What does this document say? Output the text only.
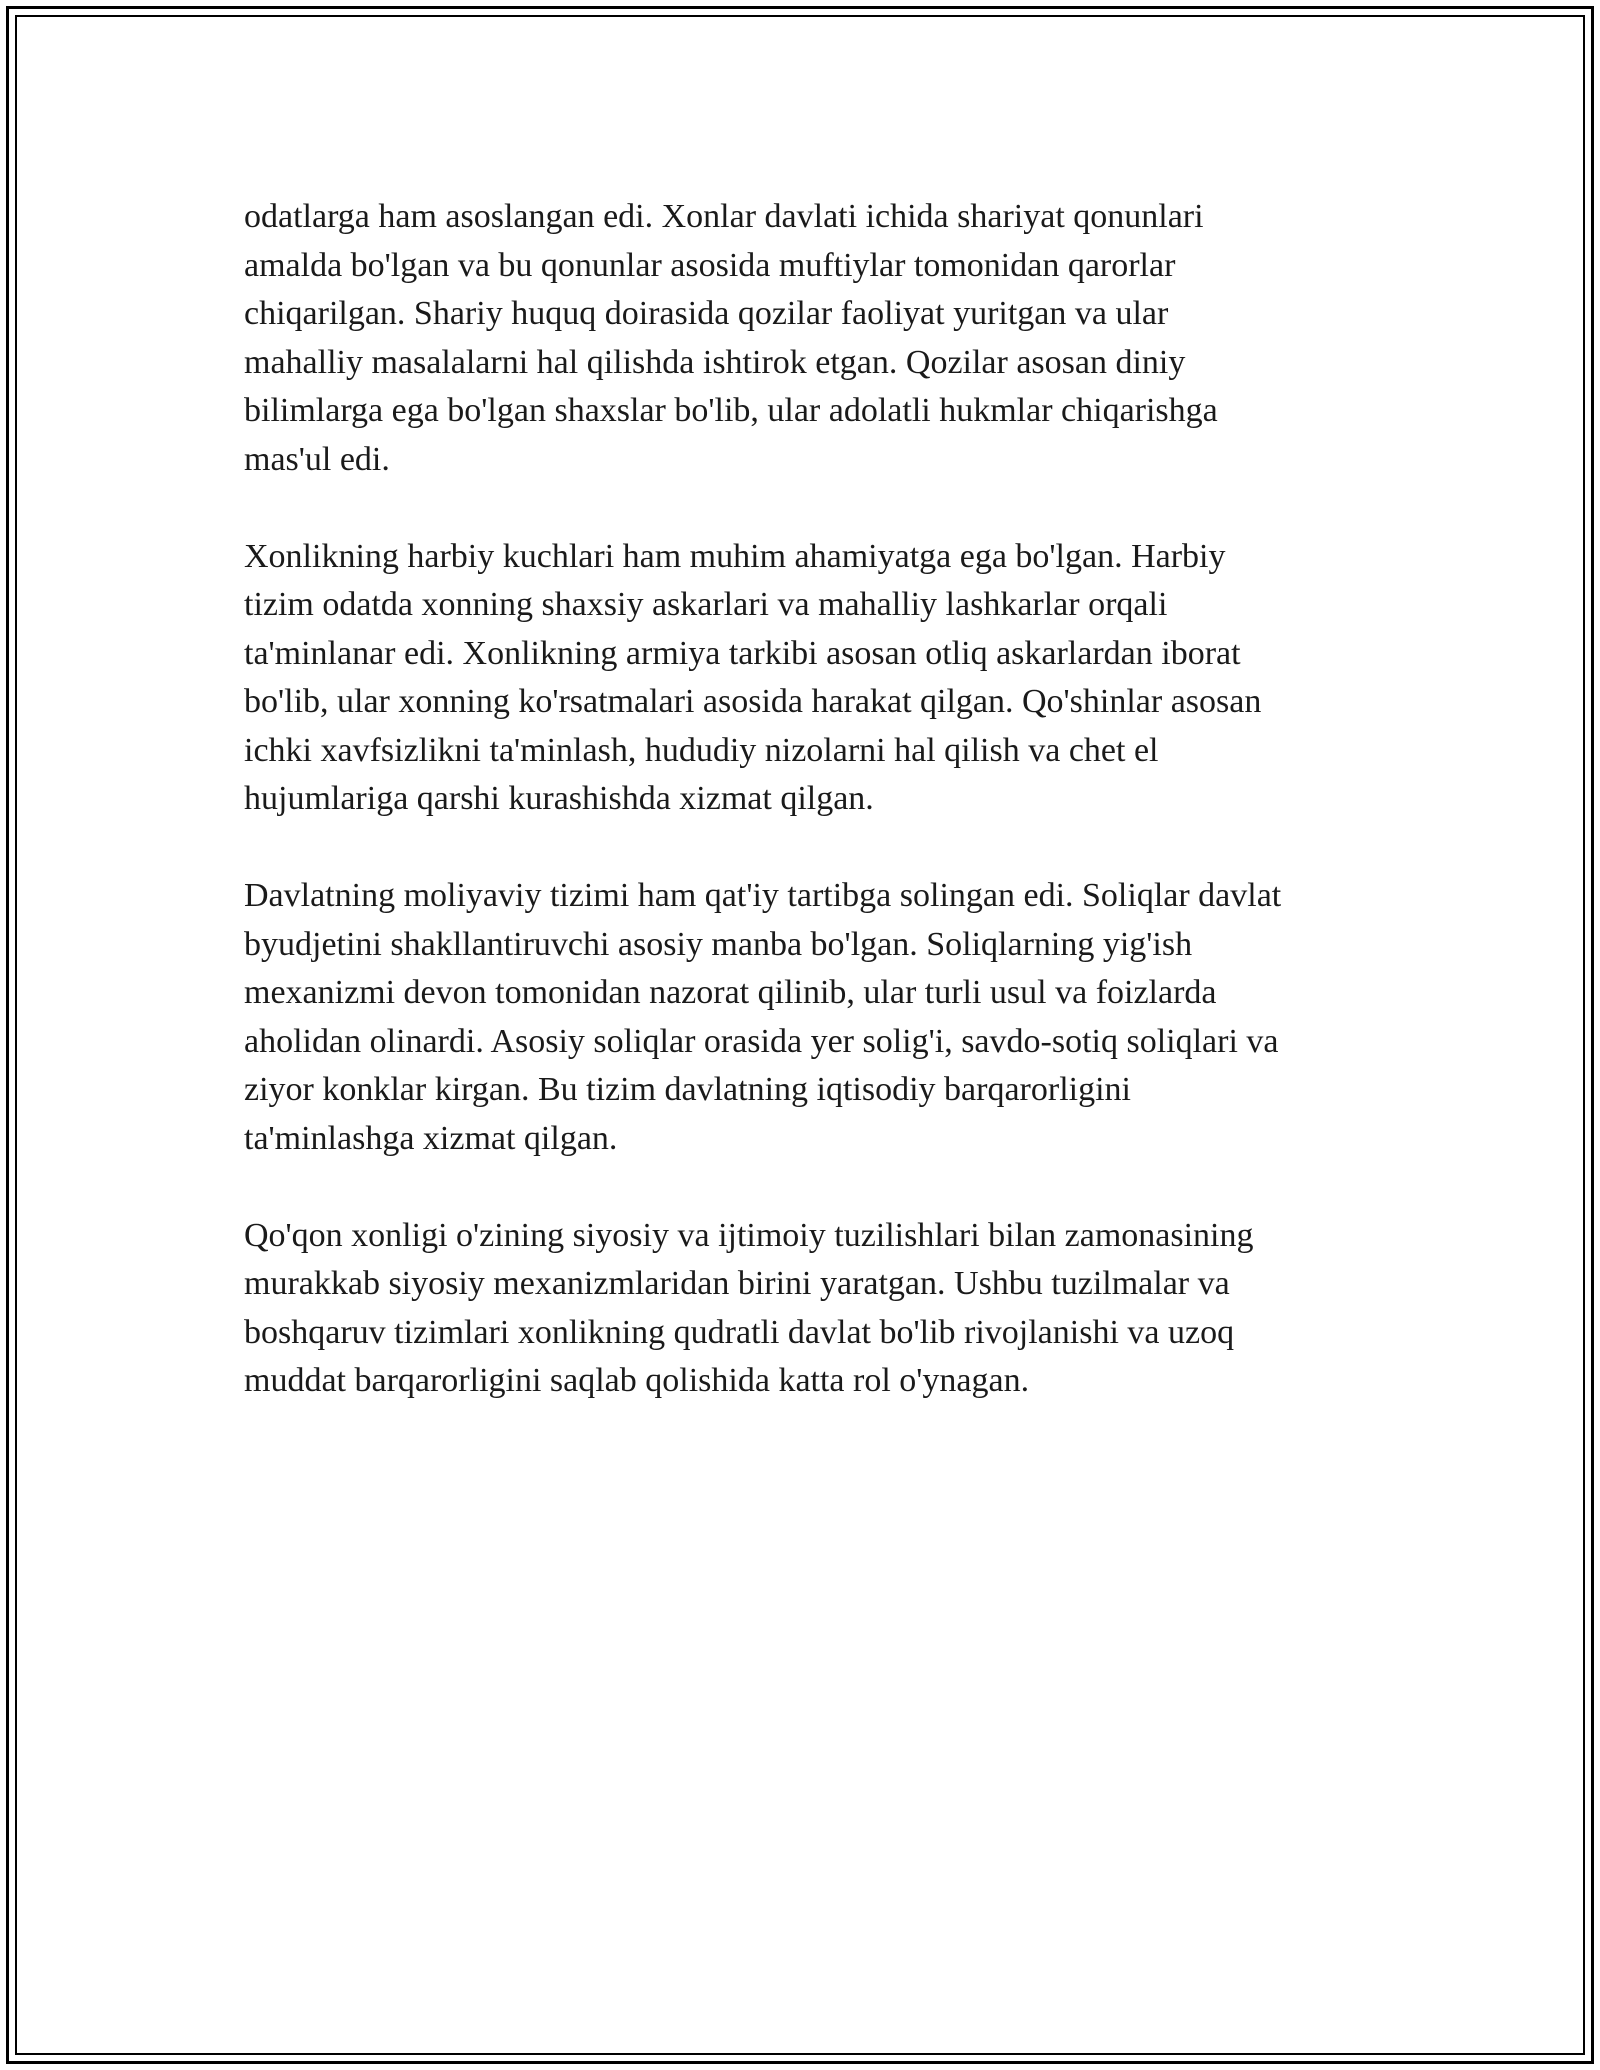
odatlarga ham asoslangan edi. Xonlar davlati ichida shariyat qonunlari
amalda bo'lgan va bu qonunlar asosida muftiylar tomonidan qarorlar
chiqarilgan. Shariy huquq doirasida qozilar faoliyat yuritgan va ular
mahalliy masalalarni hal qilishda ishtirok etgan. Qozilar asosan diniy
bilimlarga ega bo'lgan shaxslar bo'lib, ular adolatli hukmlar chiqarishga
mas'ul edi.

Xonlikning harbiy kuchlari ham muhim ahamiyatga ega bo'lgan. Harbiy
tizim odatda xonning shaxsiy askarlari va mahalliy lashkarlar orqali
ta'minlanar edi. Xonlikning armiya tarkibi asosan otliq askarlardan iborat
bo'lib, ular xonning ko'rsatmalari asosida harakat qilgan. Qo'shinlar asosan
ichki xavfsizlikni ta'minlash, hududiy nizolarni hal qilish va chet el
hujumlariga qarshi kurashishda xizmat qilgan.

Davlatning moliyaviy tizimi ham qat'iy tartibga solingan edi. Soliqlar davlat
byudjetini shakllantiruvchi asosiy manba bo'lgan. Soliqlarning yig'ish
mexanizmi devon tomonidan nazorat qilinib, ular turli usul va foizlarda
aholidan olinardi. Asosiy soliqlar orasida yer solig'i, savdo-sotiq soliqlari va
ziyor konklar kirgan. Bu tizim davlatning iqtisodiy barqarorligini
ta'minlashga xizmat qilgan.

Qo'qon xonligi o'zining siyosiy va ijtimoiy tuzilishlari bilan zamonasining
murakkab siyosiy mexanizmlaridan birini yaratgan. Ushbu tuzilmalar va
boshqaruv tizimlari xonlikning qudratli davlat bo'lib rivojlanishi va uzoq
muddat barqarorligini saqlab qolishida katta rol o'ynagan.
